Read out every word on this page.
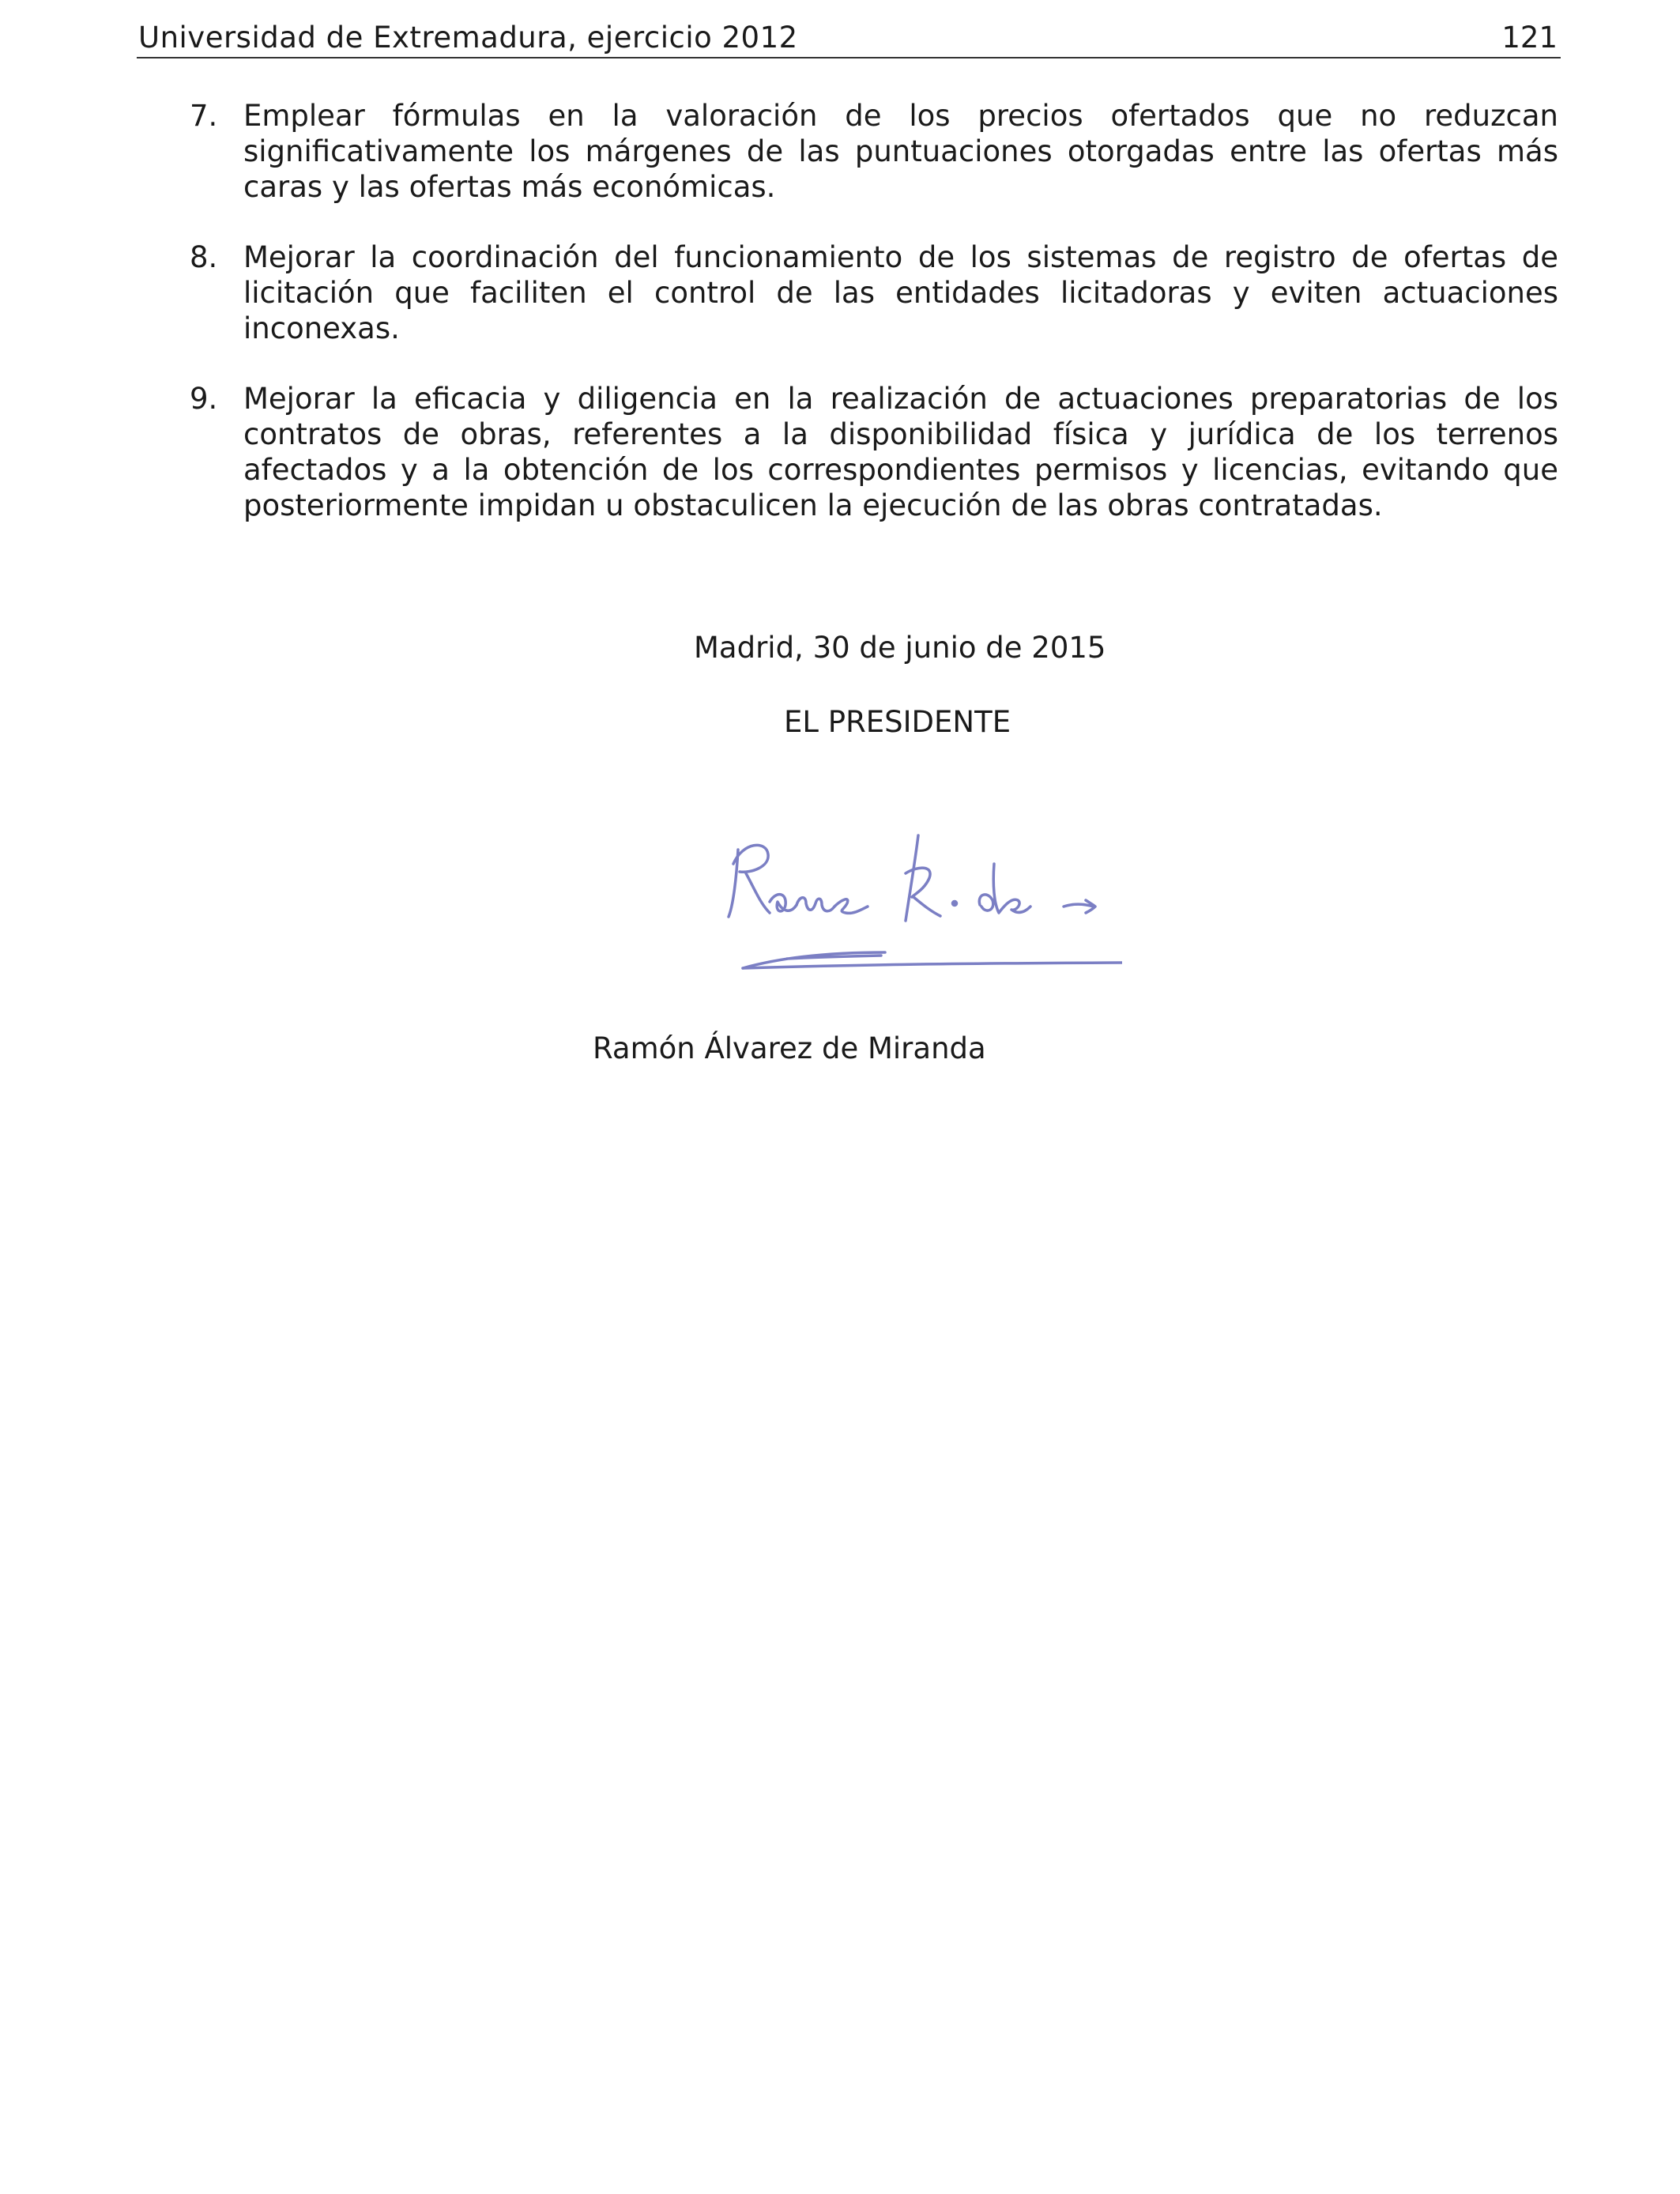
Universidad de Extremadura, ejercicio 2012	121
7. Emplear fórmulas en la valoración de los precios ofertados que no reduzcan significativamente los márgenes de las puntuaciones otorgadas entre las ofertas más caras y las ofertas más económicas.
8. Mejorar la coordinación del funcionamiento de los sistemas de registro de ofertas de licitación que faciliten el control de las entidades licitadoras y eviten actuaciones inconexas.
9. Mejorar la eficacia y diligencia en la realización de actuaciones preparatorias de los contratos de obras, referentes a la disponibilidad física y jurídica de los terrenos afectados y a la obtención de los correspondientes permisos y licencias, evitando que posteriormente impidan u obstaculicen la ejecución de las obras contratadas.
Madrid, 30 de junio de 2015
EL PRESIDENTE
Ramón Álvarez de Miranda
